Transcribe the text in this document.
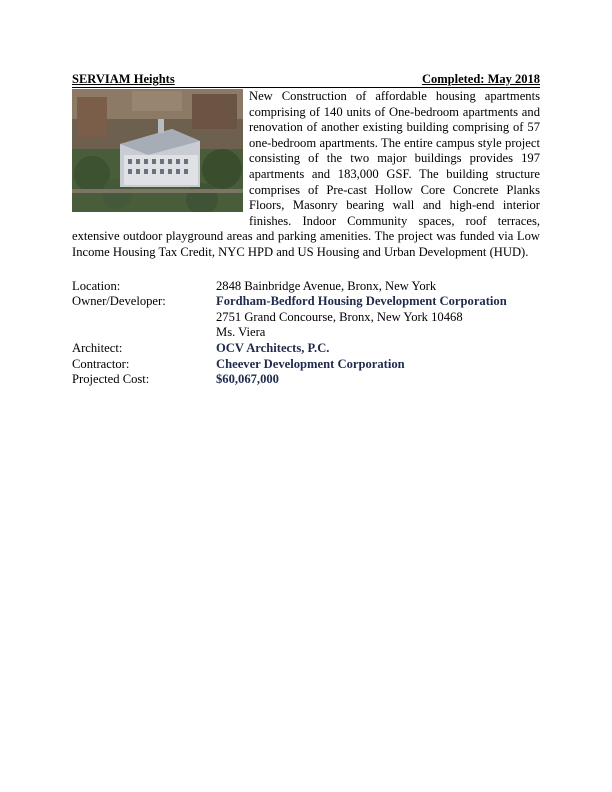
SERVIAM Heights	Completed: May 2018
New Construction of affordable housing apartments comprising of 140 units of One-bedroom apartments and renovation of another existing building comprising of 57 one-bedroom apartments. The entire campus style project consisting of the two major buildings provides 197 apartments and 183,000 GSF. The building structure comprises of Pre-cast Hollow Core Concrete Planks Floors, Masonry bearing wall and high-end interior finishes. Indoor Community spaces, roof terraces, extensive outdoor playground areas and parking amenities. The project was funded via Low Income Housing Tax Credit, NYC HPD and US Housing and Urban Development (HUD).
Location:	2848 Bainbridge Avenue, Bronx, New York
Owner/Developer:	Fordham-Bedford Housing Development Corporation
2751 Grand Concourse, Bronx, New York 10468
Ms. Viera
Architect:	OCV Architects, P.C.
Contractor:	Cheever Development Corporation
Projected Cost:	$60,067,000
